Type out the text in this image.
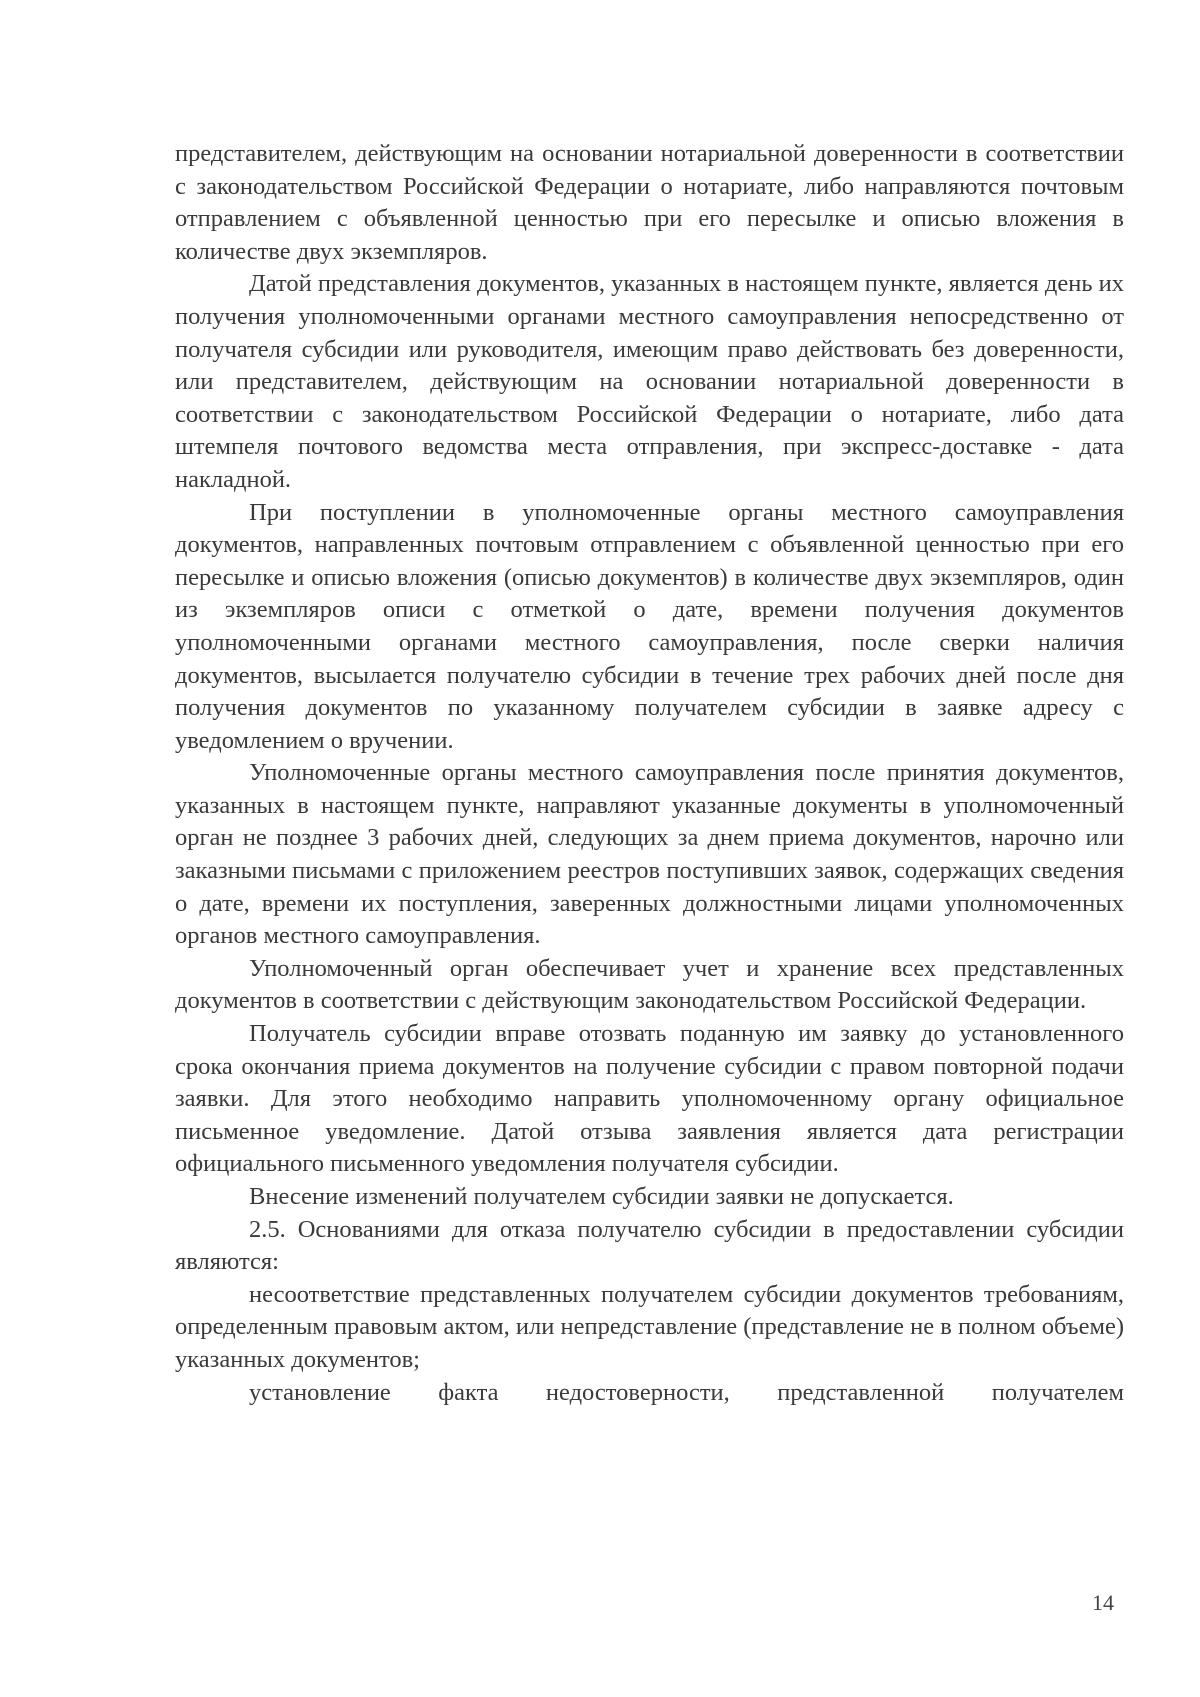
представителем, действующим на основании нотариальной доверенности в соответствии с законодательством Российской Федерации о нотариате, либо направляются почтовым отправлением с объявленной ценностью при его пересылке и описью вложения в количестве двух экземпляров.

Датой представления документов, указанных в настоящем пункте, является день их получения уполномоченными органами местного самоуправления непосредственно от получателя субсидии или руководителя, имеющим право действовать без доверенности, или представителем, действующим на основании нотариальной доверенности в соответствии с законодательством Российской Федерации о нотариате, либо дата штемпеля почтового ведомства места отправления, при экспресс-доставке - дата накладной.

При поступлении в уполномоченные органы местного самоуправления документов, направленных почтовым отправлением с объявленной ценностью при его пересылке и описью вложения (описью документов) в количестве двух экземпляров, один из экземпляров описи с отметкой о дате, времени получения документов уполномоченными органами местного самоуправления, после сверки наличия документов, высылается получателю субсидии в течение трех рабочих дней после дня получения документов по указанному получателем субсидии в заявке адресу с уведомлением о вручении.

Уполномоченные органы местного самоуправления после принятия документов, указанных в настоящем пункте, направляют указанные документы в уполномоченный орган не позднее 3 рабочих дней, следующих за днем приема документов, нарочно или заказными письмами с приложением реестров поступивших заявок, содержащих сведения о дате, времени их поступления, заверенных должностными лицами уполномоченных органов местного самоуправления.

Уполномоченный орган обеспечивает учет и хранение всех представленных документов в соответствии с действующим законодательством Российской Федерации.

Получатель субсидии вправе отозвать поданную им заявку до установленного срока окончания приема документов на получение субсидии с правом повторной подачи заявки. Для этого необходимо направить уполномоченному органу официальное письменное уведомление. Датой отзыва заявления является дата регистрации официального письменного уведомления получателя субсидии.

Внесение изменений получателем субсидии заявки не допускается.

2.5. Основаниями для отказа получателю субсидии в предоставлении субсидии являются:

несоответствие представленных получателем субсидии документов требованиям, определенным правовым актом, или непредставление (представление не в полном объеме) указанных документов;

установление факта недостоверности, представленной получателем

14
